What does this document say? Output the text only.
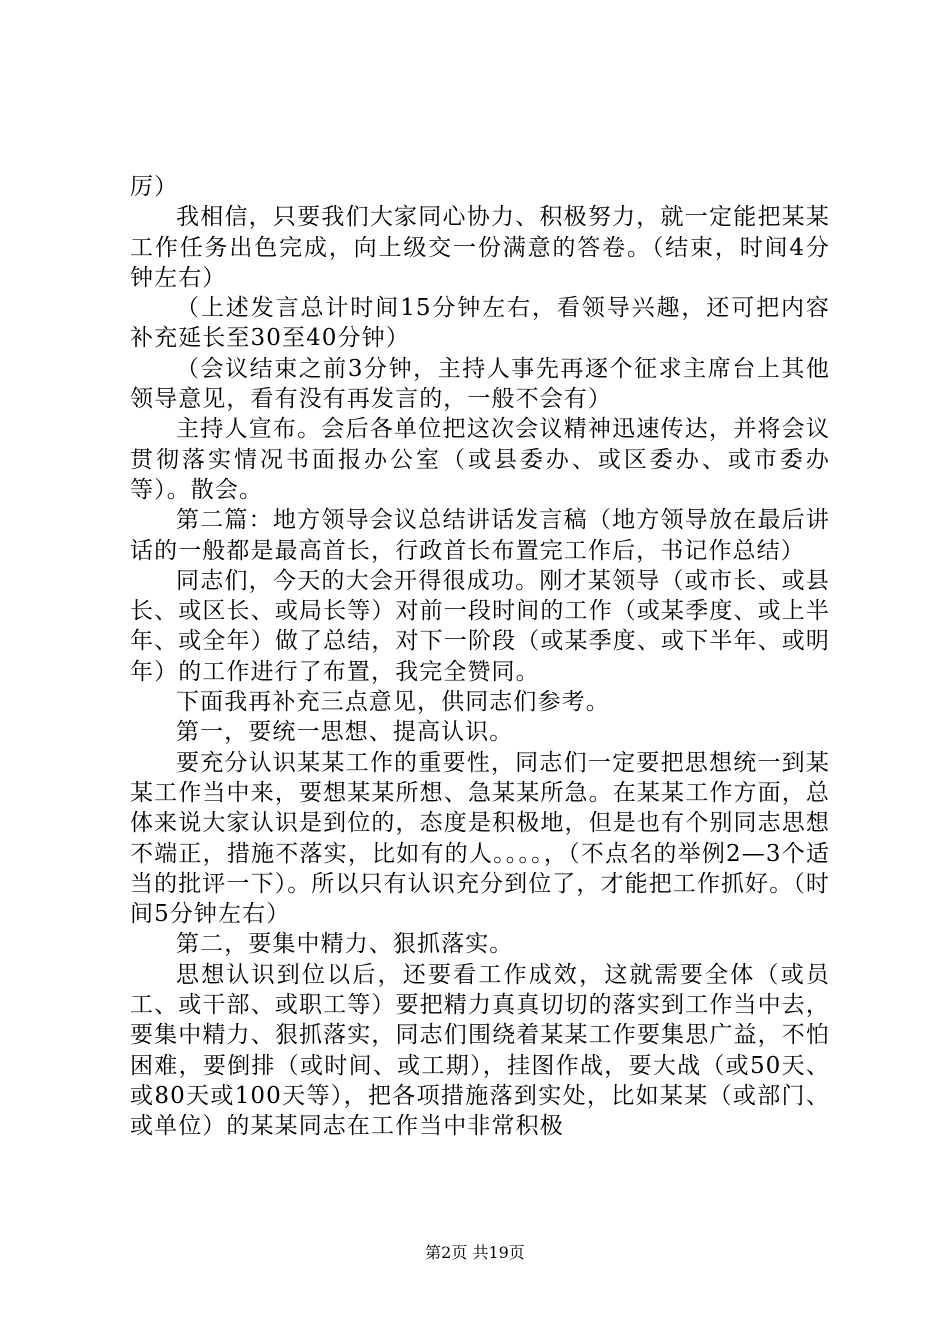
厉）

我相信，只要我们大家同心协力、积极努力，就一定能把某某工作任务出色完成，向上级交一份满意的答卷。（结束，时间4分钟左右）

（上述发言总计时间15分钟左右，看领导兴趣，还可把内容补充延长至30至40分钟）

（会议结束之前3分钟，主持人事先再逐个征求主席台上其他领导意见，看有没有再发言的，一般不会有）

主持人宣布。会后各单位把这次会议精神迅速传达，并将会议贯彻落实情况书面报办公室（或县委办、或区委办、或市委办等）。散会。

第二篇：地方领导会议总结讲话发言稿（地方领导放在最后讲话的一般都是最高首长，行政首长布置完工作后，书记作总结）

同志们，今天的大会开得很成功。刚才某领导（或市长、或县长、或区长、或局长等）对前一段时间的工作（或某季度、或上半年、或全年）做了总结，对下一阶段（或某季度、或下半年、或明年）的工作进行了布置，我完全赞同。

下面我再补充三点意见，供同志们参考。

第一，要统一思想、提高认识。

要充分认识某某工作的重要性，同志们一定要把思想统一到某某工作当中来，要想某某所想、急某某所急。在某某工作方面，总体来说大家认识是到位的，态度是积极地，但是也有个别同志思想不端正，措施不落实，比如有的人。。。。，（不点名的举例2—3个适当的批评一下）。所以只有认识充分到位了，才能把工作抓好。（时间5分钟左右）

第二，要集中精力、狠抓落实。

思想认识到位以后，还要看工作成效，这就需要全体（或员工、或干部、或职工等）要把精力真真切切的落实到工作当中去，要集中精力、狠抓落实，同志们围绕着某某工作要集思广益，不怕困难，要倒排（或时间、或工期），挂图作战，要大战（或50天、或80天或100天等），把各项措施落到实处，比如某某（或部门、或单位）的某某同志在工作当中非常积极

第2页 共19页
